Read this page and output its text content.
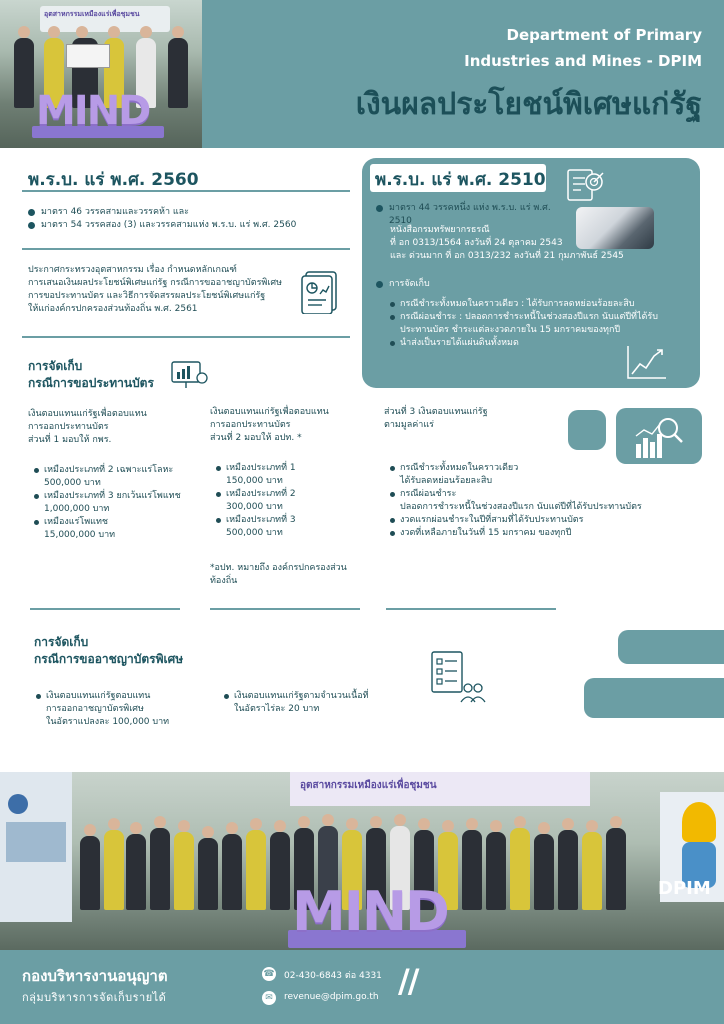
อุตสาหกรรมเหมืองแร่เพื่อชุมชน
MIND
Department of Primary
Industries and Mines - DPIM
เงินผลประโยชน์พิเศษแก่รัฐ
พ.ร.บ. แร่ พ.ศ. 2560
มาตรา 46 วรรคสามและวรรคห้า และ
มาตรา 54 วรรคสอง (3) และวรรคสามแห่ง พ.ร.บ. แร่ พ.ศ. 2560
ประกาศกระทรวงอุตสาหกรรม เรื่อง กำหนดหลักเกณฑ์
การเสนอเงินผลประโยชน์พิเศษแก่รัฐ กรณีการขออาชญาบัตรพิเศษ
การขอประทานบัตร และวิธีการจัดสรรผลประโยชน์พิเศษแก่รัฐ
ให้แก่องค์กรปกครองส่วนท้องถิ่น พ.ศ. 2561
พ.ร.บ. แร่ พ.ศ. 2510
มาตรา 44 วรรคหนึ่ง แห่ง พ.ร.บ. แร่ พ.ศ. 2510
หนังสือกรมทรัพยากรธรณี
ที่ อก 0313/1564 ลงวันที่ 24 ตุลาคม 2543
และ ด่วนมาก ที่ อก 0313/232 ลงวันที่ 21 กุมภาพันธ์ 2545
การจัดเก็บ
กรณีชำระทั้งหมดในคราวเดียว : ได้รับการลดหย่อนร้อยละสิบ
กรณีผ่อนชำระ : ปลอดการชำระหนี้ในช่วงสองปีแรก นับแต่ปีที่ได้รับ
ประทานบัตร ชำระแต่ละงวดภายใน 15 มกราคมของทุกปี
นำส่งเป็นรายได้แผ่นดินทั้งหมด
การจัดเก็บ
กรณีการขอประทานบัตร
เงินตอบแทนแก่รัฐเพื่อตอบแทน
การออกประทานบัตร
ส่วนที่ 1 มอบให้ กพร.
เหมืองประเภทที่ 2 เฉพาะแร่โลหะ
500,000 บาท
เหมืองประเภทที่ 3 ยกเว้นแร่โพแทช
1,000,000 บาท
เหมืองแร่โพแทช
15,000,000 บาท
เงินตอบแทนแก่รัฐเพื่อตอบแทน
การออกประทานบัตร
ส่วนที่ 2 มอบให้ อปท. *
เหมืองประเภทที่ 1
150,000 บาท
เหมืองประเภทที่ 2
300,000 บาท
เหมืองประเภทที่ 3
500,000 บาท
*อปท. หมายถึง องค์กรปกครองส่วน
ท้องถิ่น
ส่วนที่ 3 เงินตอบแทนแก่รัฐ
ตามมูลค่าแร่
กรณีชำระทั้งหมดในคราวเดียว
ได้รับลดหย่อนร้อยละสิบ
กรณีผ่อนชำระ
ปลอดการชำระหนี้ในช่วงสองปีแรก นับแต่ปีที่ได้รับประทานบัตร
งวดแรกผ่อนชำระในปีที่สามที่ได้รับประทานบัตร
งวดที่เหลือภายในวันที่ 15 มกราคม ของทุกปี
การจัดเก็บ
กรณีการขออาชญาบัตรพิเศษ
เงินตอบแทนแก่รัฐตอบแทน
การออกอาชญาบัตรพิเศษ
ในอัตราแปลงละ 100,000 บาท
เงินตอบแทนแก่รัฐตามจำนวนเนื้อที่
ในอัตราไร่ละ 20 บาท
อุตสาหกรรมเหมืองแร่เพื่อชุมชน
DPIM
MIND
กองบริหารงานอนุญาต
กลุ่มบริหารการจัดเก็บรายได้
☎ 02-430-6843 ต่อ 4331
✉	revenue@dpim.go.th //
